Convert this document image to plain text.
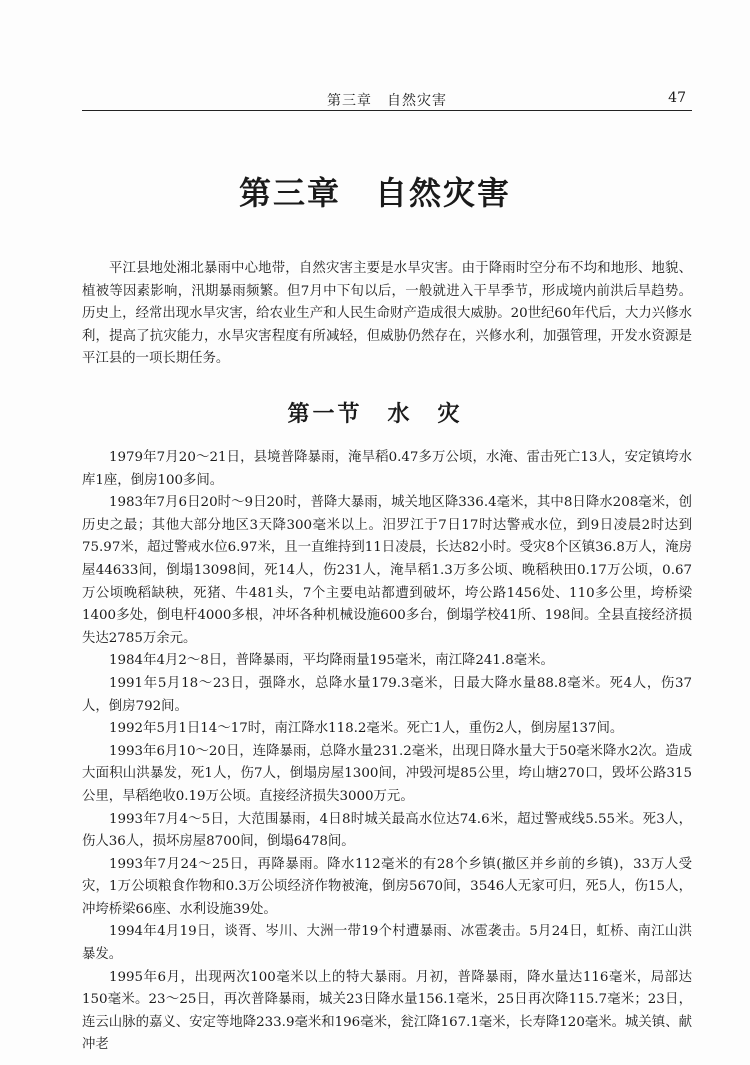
第三章　自然灾害	47
第三章　自然灾害

平江县地处湘北暴雨中心地带，自然灾害主要是水旱灾害。由于降雨时空分布不均和地形、地貌、植被等因素影响，汛期暴雨频繁。但7月中下旬以后，一般就进入干旱季节，形成境内前洪后旱趋势。历史上，经常出现水旱灾害，给农业生产和人民生命财产造成很大威胁。20世纪60年代后，大力兴修水利，提高了抗灾能力，水旱灾害程度有所减轻，但威胁仍然存在，兴修水利，加强管理，开发水资源是平江县的一项长期任务。

第一节　水　灾

1979年7月20～21日，县境普降暴雨，淹旱稻0.47多万公顷，水淹、雷击死亡13人，安定镇垮水库1座，倒房100多间。

1983年7月6日20时～9日20时，普降大暴雨，城关地区降336.4毫米，其中8日降水208毫米，创历史之最；其他大部分地区3天降300毫米以上。汨罗江于7日17时达警戒水位，到9日凌晨2时达到75.97米，超过警戒水位6.97米，且一直维持到11日凌晨，长达82小时。受灾8个区镇36.8万人，淹房屋44633间，倒塌13098间，死14人，伤231人，淹旱稻1.3万多公顷、晚稻秧田0.17万公顷，0.67万公顷晚稻缺秧，死猪、牛481头，7个主要电站都遭到破坏，垮公路1456处、110多公里，垮桥梁1400多处，倒电杆4000多根，冲坏各种机械设施600多台，倒塌学校41所、198间。全县直接经济损失达2785万余元。

1984年4月2～8日，普降暴雨，平均降雨量195毫米，南江降241.8毫米。

1991年5月18～23日，强降水，总降水量179.3毫米，日最大降水量88.8毫米。死4人，伤37人，倒房792间。

1992年5月1日14～17时，南江降水118.2毫米。死亡1人，重伤2人，倒房屋137间。

1993年6月10～20日，连降暴雨，总降水量231.2毫米，出现日降水量大于50毫米降水2次。造成大面积山洪暴发，死1人，伤7人，倒塌房屋1300间，冲毁河堤85公里，垮山塘270口，毁坏公路315公里，旱稻绝收0.19万公顷。直接经济损失3000万元。

1993年7月4～5日，大范围暴雨，4日8时城关最高水位达74.6米，超过警戒线5.55米。死3人，伤人36人，损坏房屋8700间，倒塌6478间。

1993年7月24～25日，再降暴雨。降水112毫米的有28个乡镇(撤区并乡前的乡镇)，33万人受灾，1万公顷粮食作物和0.3万公顷经济作物被淹，倒房5670间，3546人无家可归，死5人，伤15人，冲垮桥梁66座、水利设施39处。

1994年4月19日，谈胥、岑川、大洲一带19个村遭暴雨、冰雹袭击。5月24日，虹桥、南江山洪暴发。

1995年6月，出现两次100毫米以上的特大暴雨。月初，普降暴雨，降水量达116毫米，局部达150毫米。23～25日，再次普降暴雨，城关23日降水量156.1毫米，25日再次降115.7毫米；23日，连云山脉的嘉义、安定等地降233.9毫米和196毫米，瓮江降167.1毫米，长寿降120毫米。城关镇、献冲老
